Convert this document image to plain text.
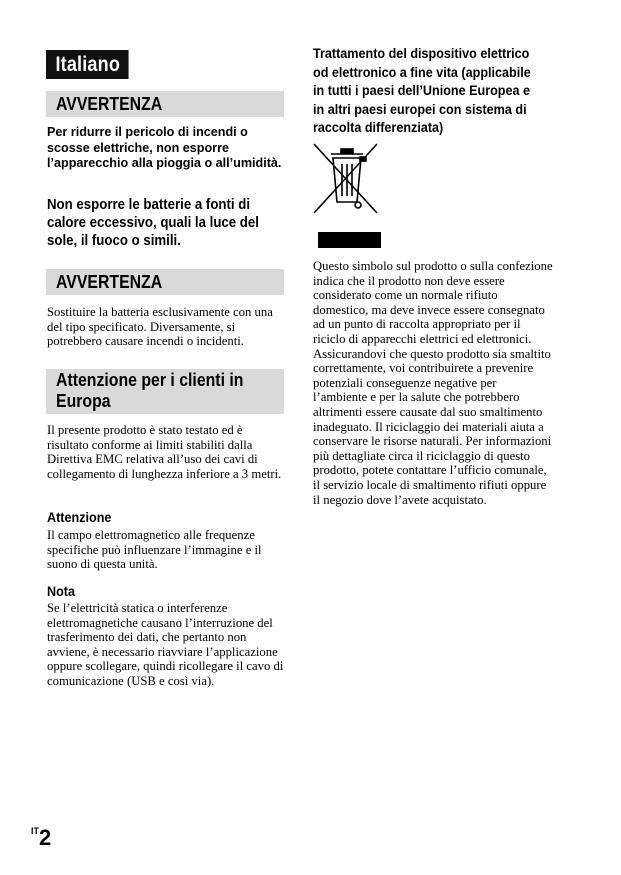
Italiano
AVVERTENZA

Per ridurre il pericolo di incendi o scosse elettriche, non esporre l’apparecchio alla pioggia o all’umidità.

Non esporre le batterie a fonti di calore eccessivo, quali la luce del sole, il fuoco o simili.

AVVERTENZA

Sostituire la batteria esclusivamente con una del tipo specificato. Diversamente, si potrebbero causare incendi o incidenti.

Attenzione per i clienti in
Europa

Il presente prodotto è stato testato ed è risultato conforme ai limiti stabiliti dalla Direttiva EMC relativa all’uso dei cavi di collegamento di lunghezza inferiore a 3 metri.

Attenzione

Il campo elettromagnetico alle frequenze specifiche può influenzare l’immagine e il suono di questa unità.

Nota

Se l’elettricità statica o interferenze elettromagnetiche causano l’interruzione del trasferimento dei dati, che pertanto non avviene, è necessario riavviare l’applicazione oppure scollegare, quindi ricollegare il cavo di comunicazione (USB e così via).

Trattamento del dispositivo elettrico
od elettronico a fine vita (applicabile
in tutti i paesi dell’Unione Europea e
in altri paesi europei con sistema di
raccolta differenziata)

Questo simbolo sul prodotto o sulla confezione indica che il prodotto non deve essere considerato come un normale rifiuto domestico, ma deve invece essere consegnato ad un punto di raccolta appropriato per il riciclo di apparecchi elettrici ed elettronici. Assicurandovi che questo prodotto sia smaltito correttamente, voi contribuirete a prevenire potenziali conseguenze negative per l’ambiente e per la salute che potrebbero altrimenti essere causate dal suo smaltimento inadeguato. Il riciclaggio dei materiali aiuta a conservare le risorse naturali. Per informazioni più dettagliate circa il riciclaggio di questo prodotto, potete contattare l’ufficio comunale, il servizio locale di smaltimento rifiuti oppure il negozio dove l’avete acquistato.

$^{IT}$2
